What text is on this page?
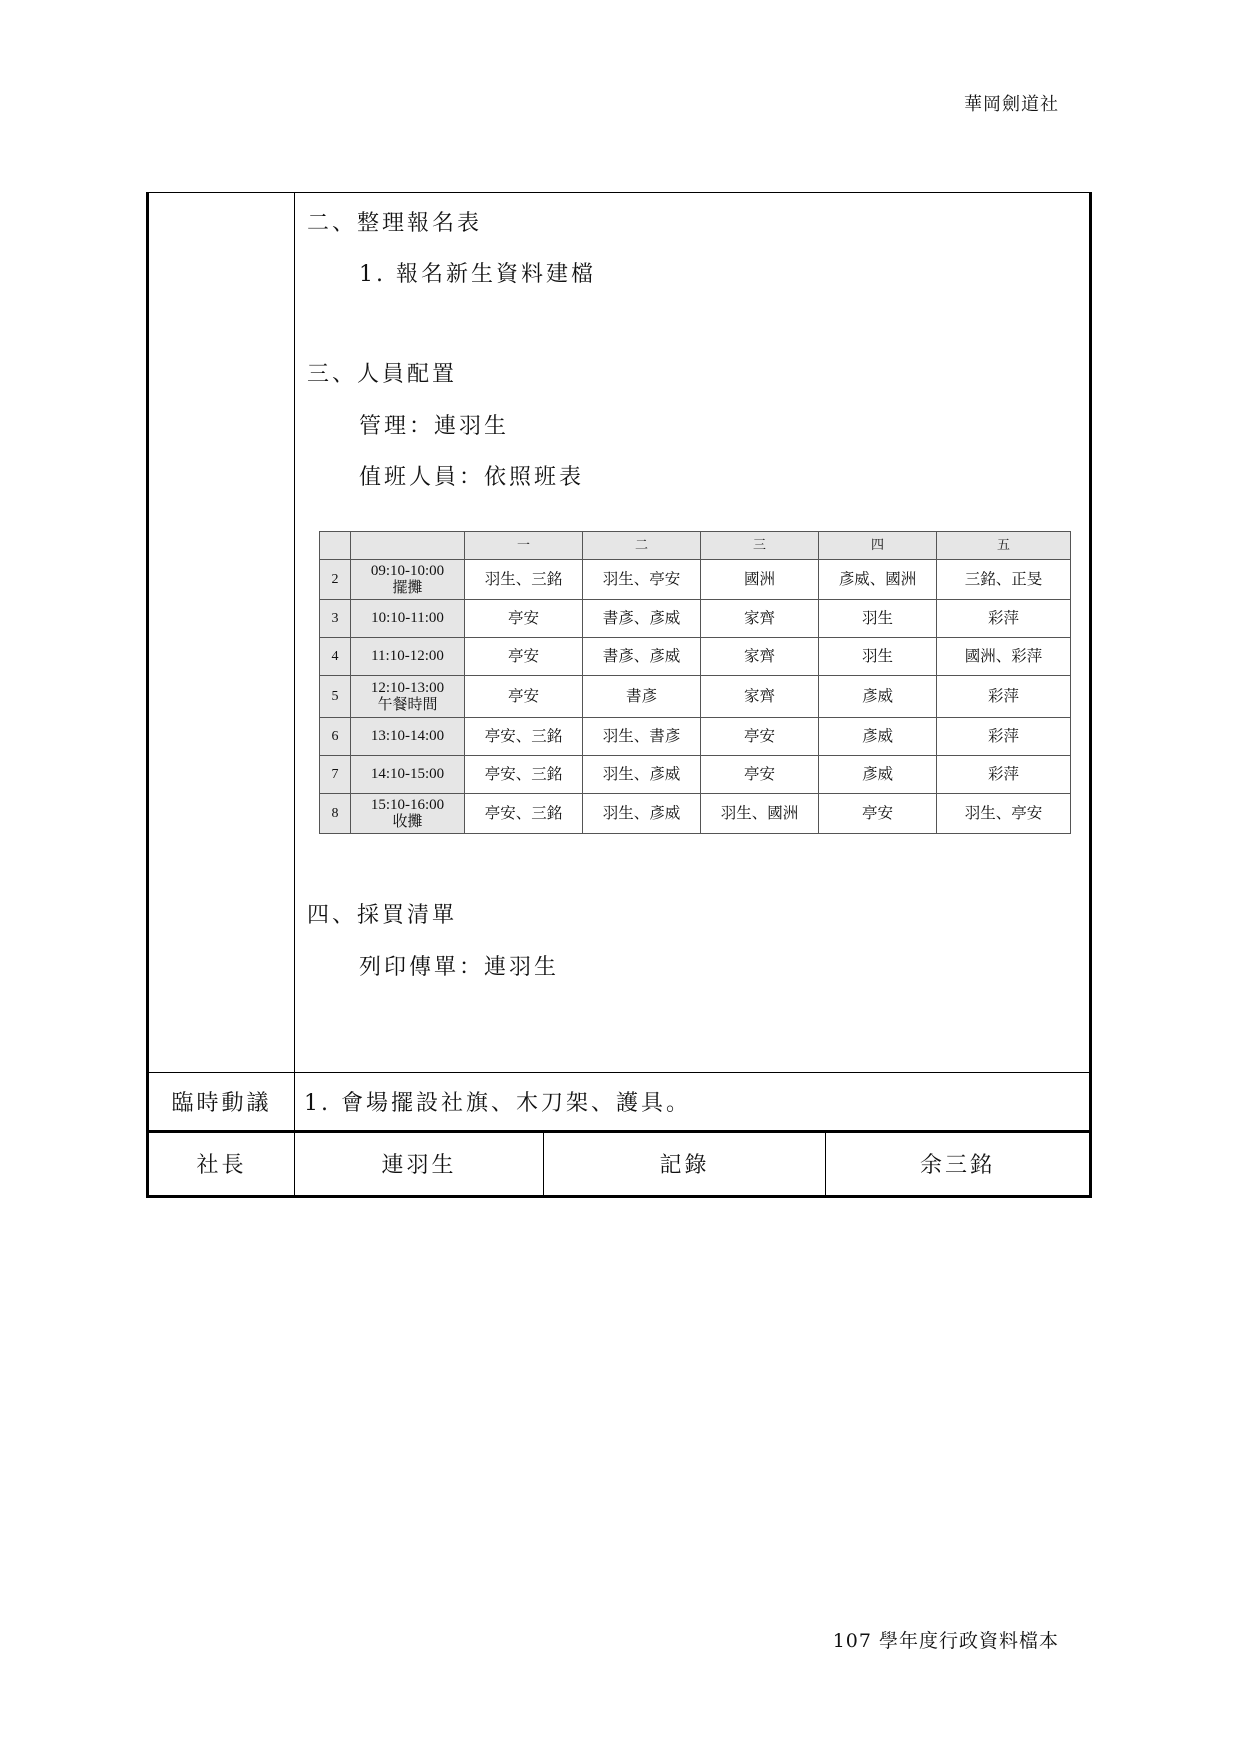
華岡劍道社
二、整理報名表
1. 報名新生資料建檔
三、人員配置
管理：連羽生
值班人員：依照班表
		一	二	三	四	五
2	09:10-10:00
擺攤	羽生、三銘	羽生、亭安	國洲	彥威、國洲	三銘、正旻
3	10:10-11:00	亭安	書彥、彥威	家齊	羽生	彩萍
4	11:10-12:00	亭安	書彥、彥威	家齊	羽生	國洲、彩萍
5	12:10-13:00
午餐時間	亭安	書彥	家齊	彥威	彩萍
6	13:10-14:00	亭安、三銘	羽生、書彥	亭安	彥威	彩萍
7	14:10-15:00	亭安、三銘	羽生、彥威	亭安	彥威	彩萍
8	15:10-16:00
收攤	亭安、三銘	羽生、彥威	羽生、國洲	亭安	羽生、亭安
四、採買清單
列印傳單：連羽生
臨時動議	1. 會場擺設社旗、木刀架、護具。
社長	連羽生	記錄	余三銘
107 學年度行政資料檔本
